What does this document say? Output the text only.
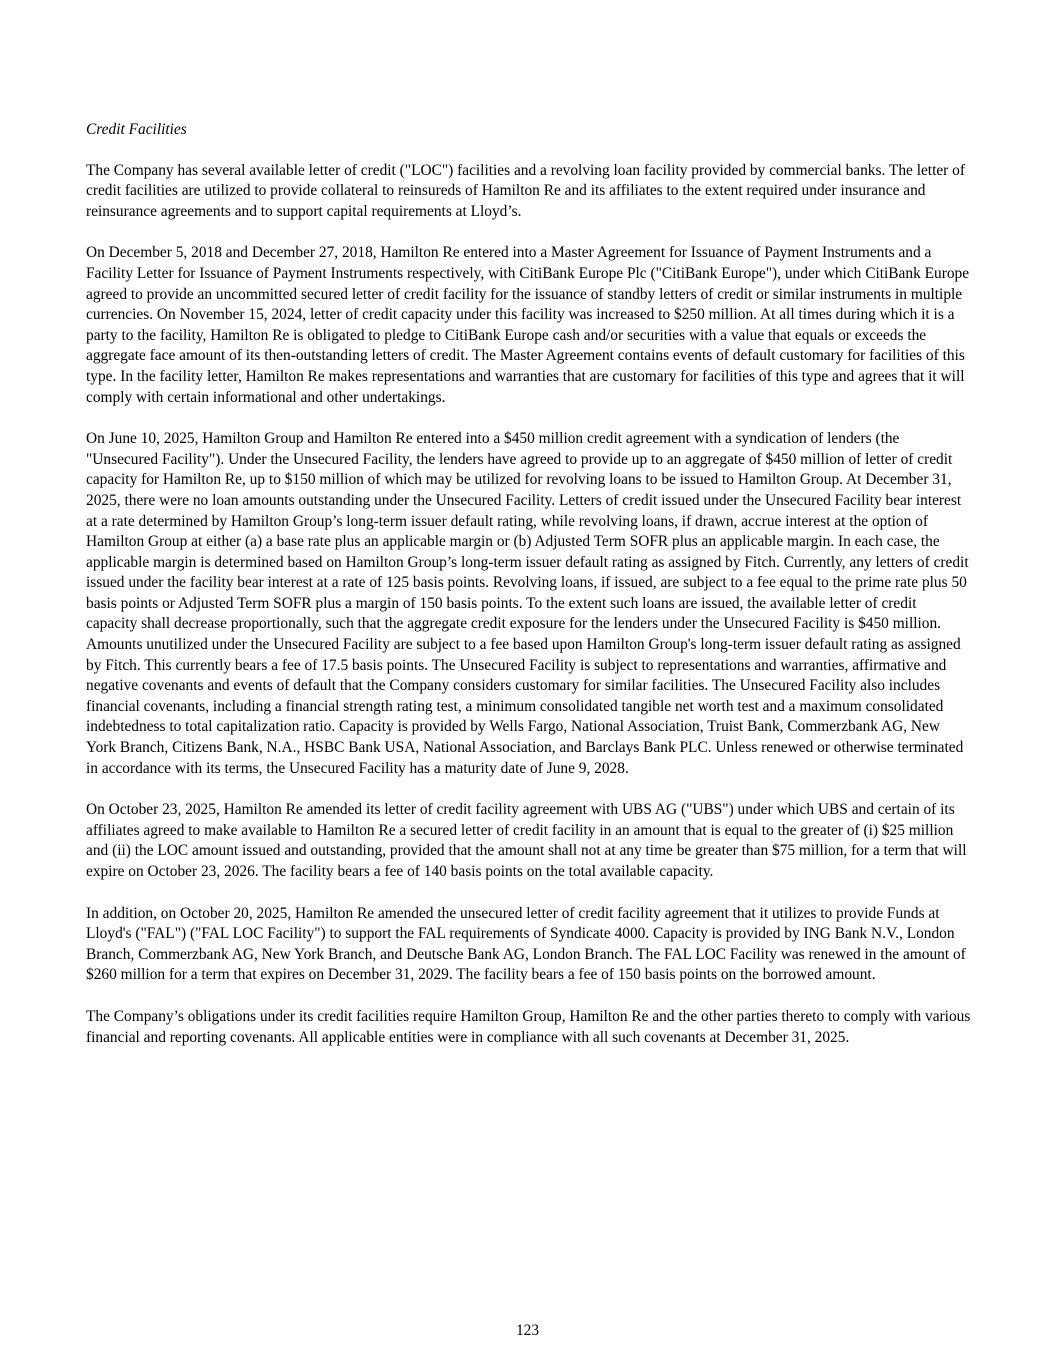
Credit Facilities

The Company has several available letter of credit ("LOC") facilities and a revolving loan facility provided by commercial banks. The letter of credit facilities are utilized to provide collateral to reinsureds of Hamilton Re and its affiliates to the extent required under insurance and reinsurance agreements and to support capital requirements at Lloyd’s.

On December 5, 2018 and December 27, 2018, Hamilton Re entered into a Master Agreement for Issuance of Payment Instruments and a Facility Letter for Issuance of Payment Instruments respectively, with CitiBank Europe Plc ("CitiBank Europe"), under which CitiBank Europe agreed to provide an uncommitted secured letter of credit facility for the issuance of standby letters of credit or similar instruments in multiple currencies. On November 15, 2024, letter of credit capacity under this facility was increased to $250 million. At all times during which it is a party to the facility, Hamilton Re is obligated to pledge to CitiBank Europe cash and/or securities with a value that equals or exceeds the aggregate face amount of its then-outstanding letters of credit. The Master Agreement contains events of default customary for facilities of this type. In the facility letter, Hamilton Re makes representations and warranties that are customary for facilities of this type and agrees that it will comply with certain informational and other undertakings.

On June 10, 2025, Hamilton Group and Hamilton Re entered into a $450 million credit agreement with a syndication of lenders (the "Unsecured Facility"). Under the Unsecured Facility, the lenders have agreed to provide up to an aggregate of $450 million of letter of credit capacity for Hamilton Re, up to $150 million of which may be utilized for revolving loans to be issued to Hamilton Group. At December 31, 2025, there were no loan amounts outstanding under the Unsecured Facility. Letters of credit issued under the Unsecured Facility bear interest at a rate determined by Hamilton Group’s long-term issuer default rating, while revolving loans, if drawn, accrue interest at the option of Hamilton Group at either (a) a base rate plus an applicable margin or (b) Adjusted Term SOFR plus an applicable margin. In each case, the applicable margin is determined based on Hamilton Group’s long-term issuer default rating as assigned by Fitch. Currently, any letters of credit issued under the facility bear interest at a rate of 125 basis points. Revolving loans, if issued, are subject to a fee equal to the prime rate plus 50 basis points or Adjusted Term SOFR plus a margin of 150 basis points. To the extent such loans are issued, the available letter of credit capacity shall decrease proportionally, such that the aggregate credit exposure for the lenders under the Unsecured Facility is $450 million. Amounts unutilized under the Unsecured Facility are subject to a fee based upon Hamilton Group's long-term issuer default rating as assigned by Fitch. This currently bears a fee of 17.5 basis points. The Unsecured Facility is subject to representations and warranties, affirmative and negative covenants and events of default that the Company considers customary for similar facilities. The Unsecured Facility also includes financial covenants, including a financial strength rating test, a minimum consolidated tangible net worth test and a maximum consolidated indebtedness to total capitalization ratio. Capacity is provided by Wells Fargo, National Association, Truist Bank, Commerzbank AG, New York Branch, Citizens Bank, N.A., HSBC Bank USA, National Association, and Barclays Bank PLC. Unless renewed or otherwise terminated in accordance with its terms, the Unsecured Facility has a maturity date of June 9, 2028.

On October 23, 2025, Hamilton Re amended its letter of credit facility agreement with UBS AG ("UBS") under which UBS and certain of its affiliates agreed to make available to Hamilton Re a secured letter of credit facility in an amount that is equal to the greater of (i) $25 million and (ii) the LOC amount issued and outstanding, provided that the amount shall not at any time be greater than $75 million, for a term that will expire on October 23, 2026. The facility bears a fee of 140 basis points on the total available capacity.

In addition, on October 20, 2025, Hamilton Re amended the unsecured letter of credit facility agreement that it utilizes to provide Funds at Lloyd's ("FAL") ("FAL LOC Facility") to support the FAL requirements of Syndicate 4000. Capacity is provided by ING Bank N.V., London Branch, Commerzbank AG, New York Branch, and Deutsche Bank AG, London Branch. The FAL LOC Facility was renewed in the amount of $260 million for a term that expires on December 31, 2029. The facility bears a fee of 150 basis points on the borrowed amount.

The Company’s obligations under its credit facilities require Hamilton Group, Hamilton Re and the other parties thereto to comply with various financial and reporting covenants. All applicable entities were in compliance with all such covenants at December 31, 2025.

123
